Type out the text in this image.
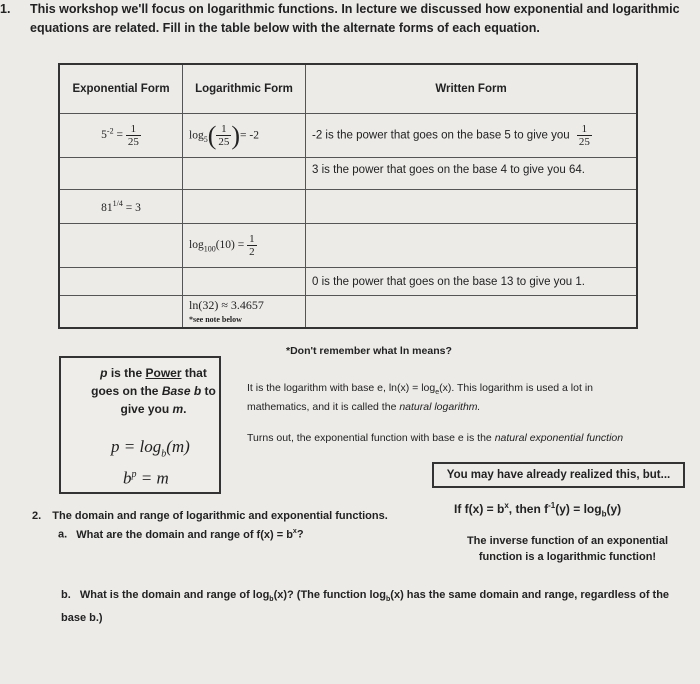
1. This workshop we'll focus on logarithmic functions. In lecture we discussed how exponential and logarithmic equations are related. Fill in the table below with the alternate forms of each equation.
Exponential Form	Logarithmic Form	Written Form
$5^{-2} = \frac{1}{25}$	$\log_5( \frac{1}{25}$ )= -2	-2 is the power that goes on the base 5 to give you $\frac{1}{25}$

		3 is the power that goes on the base 4 to give you 64.
$81^{1/4} = 3$		
	$\log_{100}(10) = \frac{1}{2}$

		0 is the power that goes on the base 13 to give you 1.
	ln(32) ≈ 3.4657
*see note below	

*Don't remember what ln means?
p is the Power that goes on the Base b to give you m.
$p = \log_b(m)$
$b^p = m$
It is the logarithm with base e, $\ln(x) = \log_e(x)$. This logarithm is used a lot in mathematics, and it is called the natural logarithm.
Turns out, the exponential function with base e is the natural exponential function
You may have already realized this, but...
If $f(x) = b^x$, then $f^{-1}(y) = \log_b(y)$
The inverse function of an exponential function is a logarithmic function!
2. The domain and range of logarithmic and exponential functions.
a. What are the domain and range of $f(x) = b^x$?
b. What is the domain and range of $\log_b(x)$? (The function $\log_b(x)$ has the same domain and range, regardless of the base b.)
